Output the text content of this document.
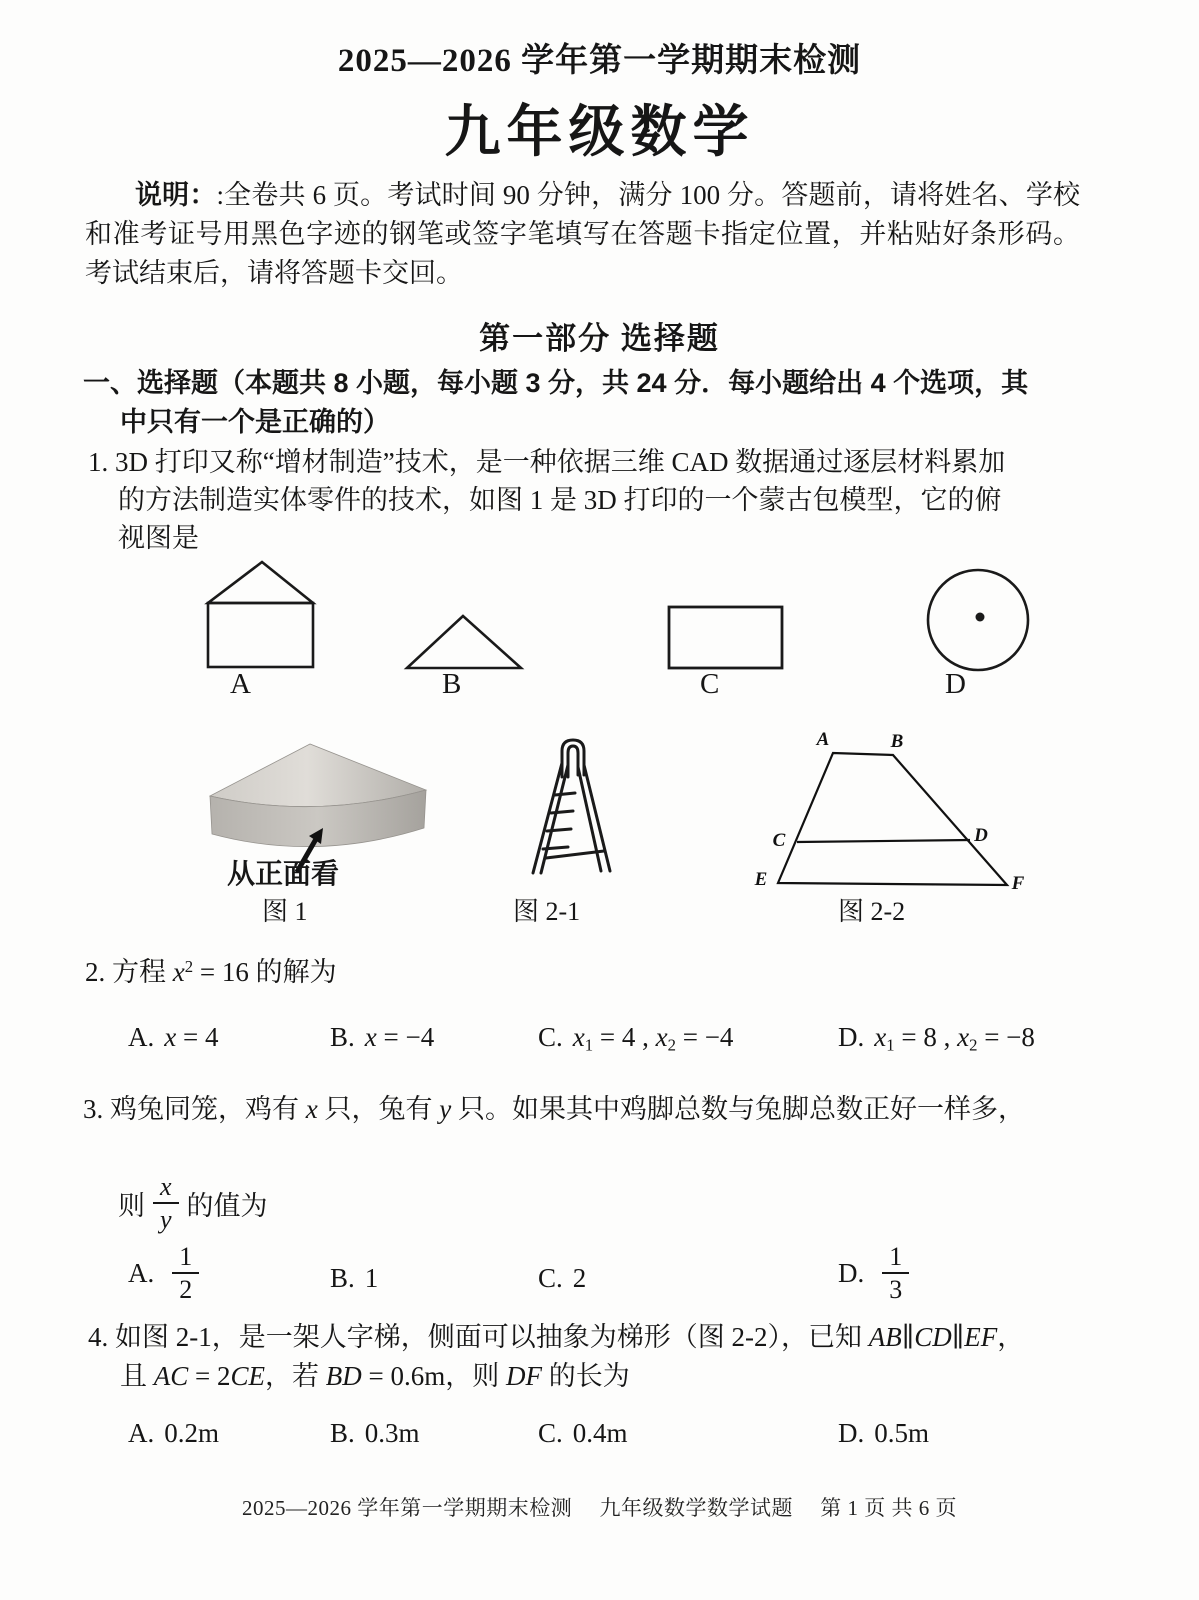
2025—2026 学年第一学期期末检测
九年级数学
说明：:全卷共 6 页。考试时间 90 分钟，满分 100 分。答题前，请将姓名、学校和准考证号用黑色字迹的钢笔或签字笔填写在答题卡指定位置，并粘贴好条形码。考试结束后，请将答题卡交回。
第一部分 选择题
一、选择题（本题共 8 小题，每小题 3 分，共 24 分．每小题给出 4 个选项，其
中只有一个是正确的）
1. 3D 打印又称“增材制造”技术，是一种依据三维 CAD 数据通过逐层材料累加
的方法制造实体零件的技术，如图 1 是 3D 打印的一个蒙古包模型，它的俯
视图是
A	B	C	D
从正面看
图 1	图 2-1
A	B
C	D
E	F
图 2-2
2. 方程 $x^2 = 16$ 的解为
A. x = 4	B. x = −4	C. $x_1 = 4$ , $x_2 = -4$	D. $x_1 = 8$ , $x_2 = -8$
3. 鸡兔同笼，鸡有 x 只，兔有 y 只。如果其中鸡脚总数与兔脚总数正好一样多，
则 $\frac{x}{y}$ 的值为
A. $\frac{1}{2}$	B. 1	C. 2	D. $\frac{1}{3}$
4. 如图 2-1，是一架人字梯，侧面可以抽象为梯形（图 2-2），已知 AB∥CD∥EF，
且 AC = 2CE，若 BD = 0.6m，则 DF 的长为
A. 0.2m	B. 0.3m	C. 0.4m	D. 0.5m
2025—2026 学年第一学期期末检测　 九年级数学数学试题 　第 1 页 共 6 页
